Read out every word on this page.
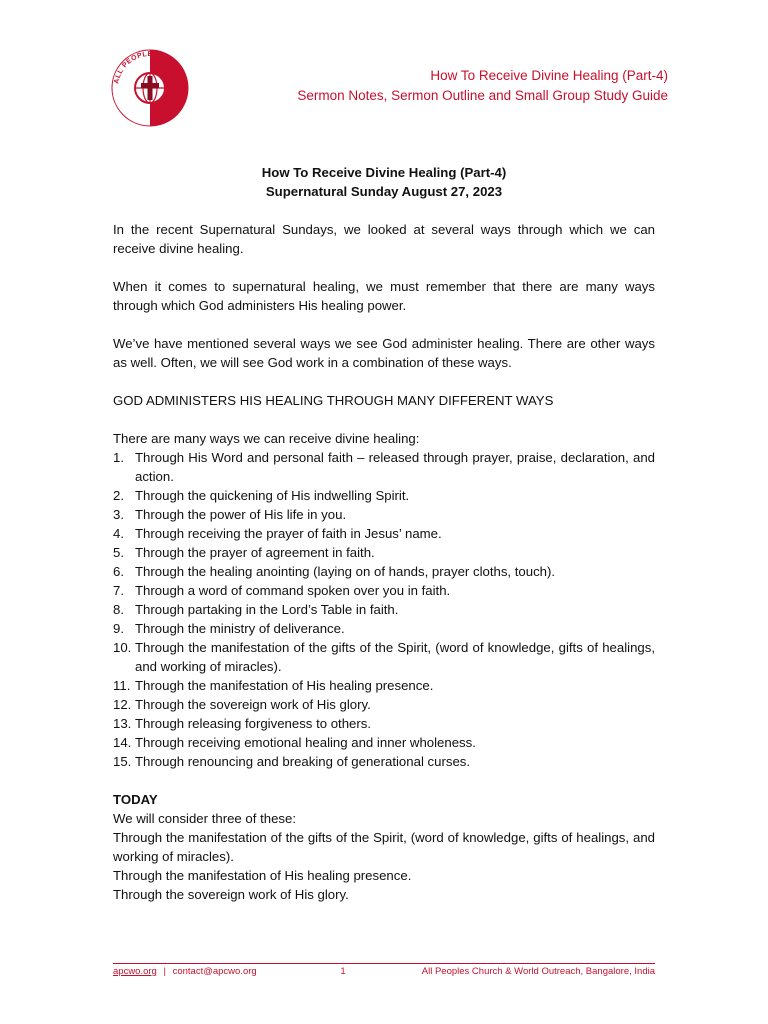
ALL PEOPLES CHURCH	How To Receive Divine Healing (Part-4)
Sermon Notes, Sermon Outline and Small Group Study Guide

How To Receive Divine Healing (Part-4)

Supernatural Sunday August 27, 2023

In the recent Supernatural Sundays, we looked at several ways through which we can receive divine healing.

When it comes to supernatural healing, we must remember that there are many ways through which God administers His healing power.

We’ve have mentioned several ways we see God administer healing. There are other ways as well. Often, we will see God work in a combination of these ways.

GOD ADMINISTERS HIS HEALING THROUGH MANY DIFFERENT WAYS

There are many ways we can receive divine healing:

1. Through His Word and personal faith – released through prayer, praise, declaration, and action.
2. Through the quickening of His indwelling Spirit.
3. Through the power of His life in you.
4. Through receiving the prayer of faith in Jesus’ name.
5. Through the prayer of agreement in faith.
6. Through the healing anointing (laying on of hands, prayer cloths, touch).
7. Through a word of command spoken over you in faith.
8. Through partaking in the Lord’s Table in faith.
9. Through the ministry of deliverance.
10. Through the manifestation of the gifts of the Spirit, (word of knowledge, gifts of healings, and working of miracles).
11. Through the manifestation of His healing presence.
12. Through the sovereign work of His glory.
13. Through releasing forgiveness to others.
14. Through receiving emotional healing and inner wholeness.
15. Through renouncing and breaking of generational curses.

TODAY

We will consider three of these:

Through the manifestation of the gifts of the Spirit, (word of knowledge, gifts of healings, and working of miracles).

Through the manifestation of His healing presence.

Through the sovereign work of His glory.

apcwo.org | contact@apcwo.org	1	All Peoples Church & World Outreach, Bangalore, India
